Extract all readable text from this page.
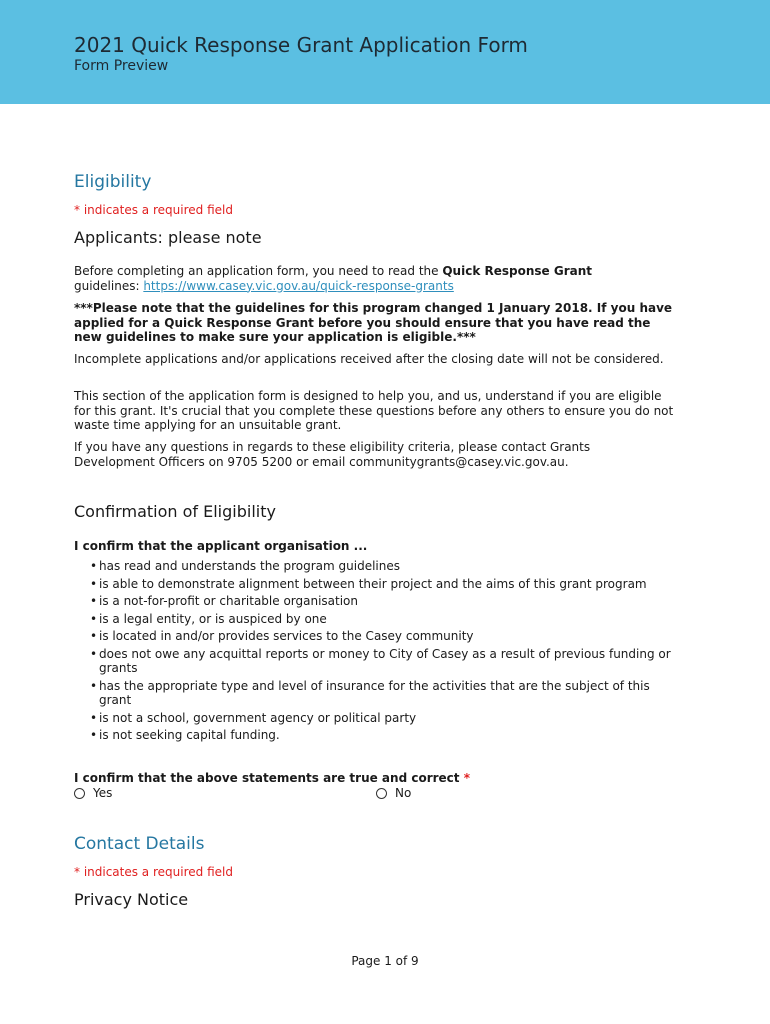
2021 Quick Response Grant Application Form
Form Preview
Eligibility
* indicates a required field
Applicants: please note
Before completing an application form, you need to read the Quick Response Grant
guidelines: https://www.casey.vic.gov.au/quick-response-grants
***Please note that the guidelines for this program changed 1 January 2018. If you have applied for a Quick Response Grant before you should ensure that you have read the new guidelines to make sure your application is eligible.***
Incomplete applications and/or applications received after the closing date will not be considered.
This section of the application form is designed to help you, and us, understand if you are eligible for this grant. It's crucial that you complete these questions before any others to ensure you do not waste time applying for an unsuitable grant.
If you have any questions in regards to these eligibility criteria, please contact Grants Development Officers on 9705 5200 or email communitygrants@casey.vic.gov.au.
Confirmation of Eligibility
I confirm that the applicant organisation ...
• has read and understands the program guidelines
• is able to demonstrate alignment between their project and the aims of this grant program
• is a not-for-profit or charitable organisation
• is a legal entity, or is auspiced by one
• is located in and/or provides services to the Casey community
• does not owe any acquittal reports or money to City of Casey as a result of previous funding or grants
• has the appropriate type and level of insurance for the activities that are the subject of this grant
• is not a school, government agency or political party
• is not seeking capital funding.
I confirm that the above statements are true and correct *
Yes	No
Contact Details
* indicates a required field
Privacy Notice
Page 1 of 9
